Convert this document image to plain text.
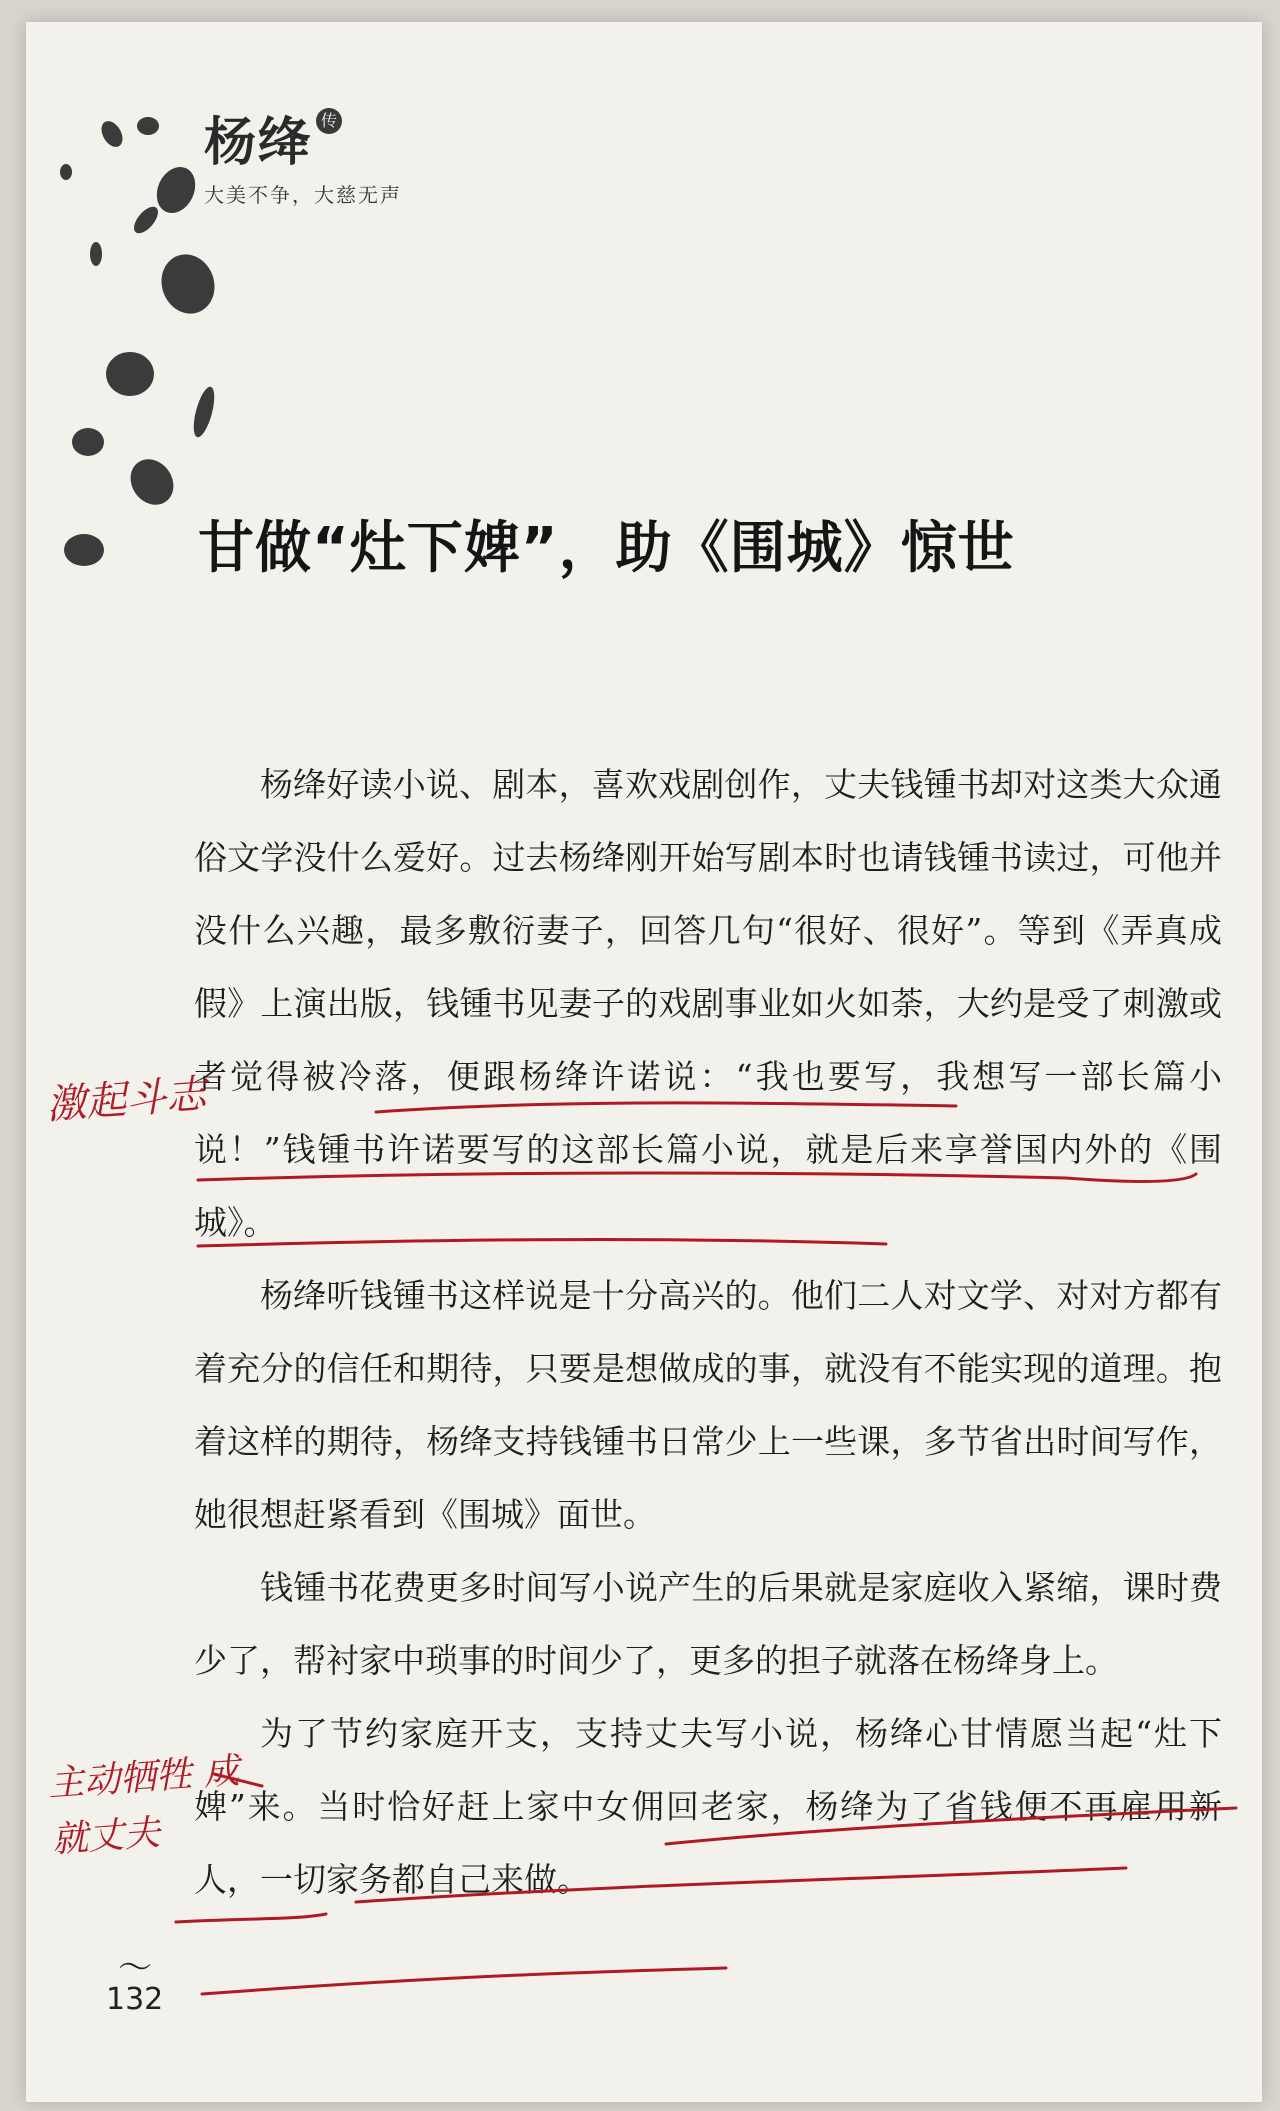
杨绛 传
大美不争，大慈无声
甘做“灶下婢”，助《围城》惊世

杨绛好读小说、剧本，喜欢戏剧创作，丈夫钱锺书却对这类大众通俗文学没什么爱好。过去杨绛刚开始写剧本时也请钱锺书读过，可他并没什么兴趣，最多敷衍妻子，回答几句“很好、很好”。等到《弄真成假》上演出版，钱锺书见妻子的戏剧事业如火如荼，大约是受了刺激或者觉得被冷落，便跟杨绛许诺说：“我也要写，我想写一部长篇小说！”钱锺书许诺要写的这部长篇小说，就是后来享誉国内外的《围城》。

杨绛听钱锺书这样说是十分高兴的。他们二人对文学、对对方都有着充分的信任和期待，只要是想做成的事，就没有不能实现的道理。抱着这样的期待，杨绛支持钱锺书日常少上一些课，多节省出时间写作，她很想赶紧看到《围城》面世。

钱锺书花费更多时间写小说产生的后果就是家庭收入紧缩，课时费少了，帮衬家中琐事的时间少了，更多的担子就落在杨绛身上。

为了节约家庭开支，支持丈夫写小说，杨绛心甘情愿当起“灶下婢”来。当时恰好赶上家中女佣回老家，杨绛为了省钱便不再雇用新人，一切家务都自己来做。

激起斗志
主动牺牲 成就丈夫
～
132
